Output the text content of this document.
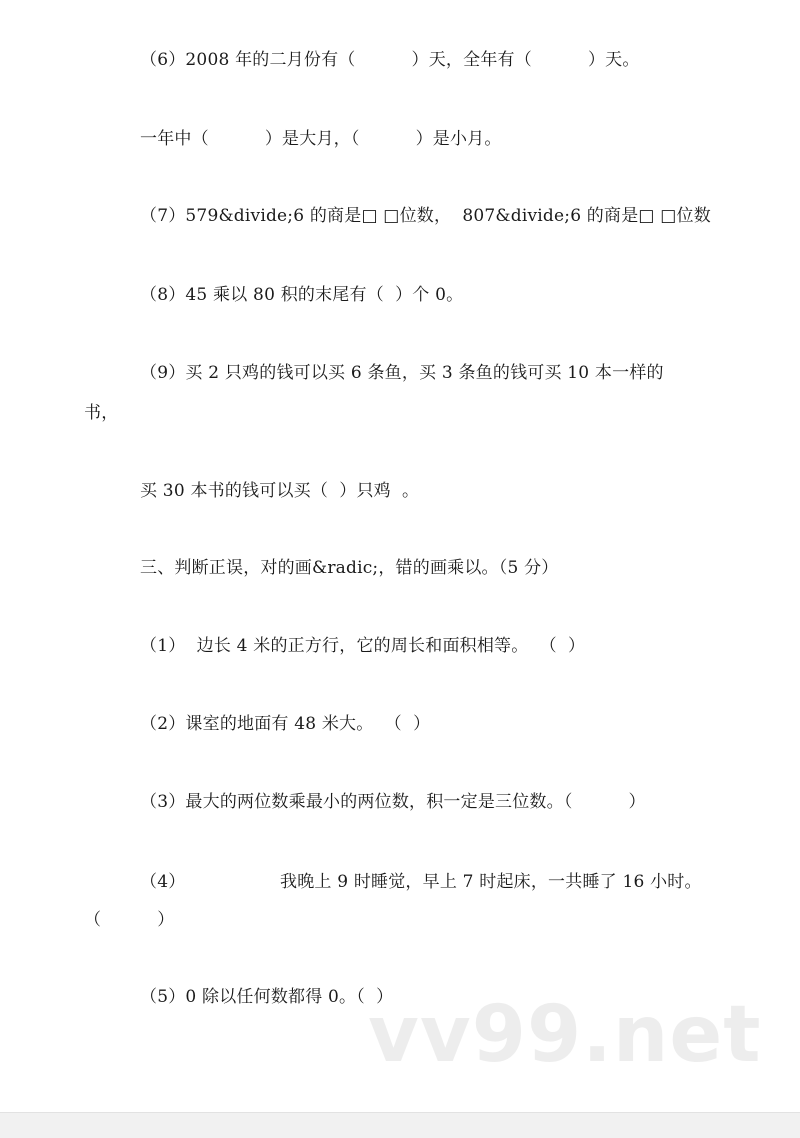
（6）2008 年的二月份有（          ）天，全年有（          ）天。
一年中（          ）是大月，（          ）是小月。
（7）579&divide;6 的商是□ □位数，  807&divide;6 的商是□ □位数
（8）45 乘以 80 积的末尾有（  ）个 0。
（9）买 2 只鸡的钱可以买 6 条鱼，买 3 条鱼的钱可买 10 本一样的
书，
买 30 本书的钱可以买（  ）只鸡  。
三、判断正误，对的画&radic;，错的画乘以。（5 分）
（1）  边长 4 米的正方行，它的周长和面积相等。  （  ）
（2）课室的地面有 48 米大。  （  ）
（3）最大的两位数乘最小的两位数，积一定是三位数。（          ）
（4）	我晚上 9 时睡觉，早上 7 时起床，一共睡了 16 小时。
（          ）
（5）0 除以任何数都得 0。（  ）
vv99.net
